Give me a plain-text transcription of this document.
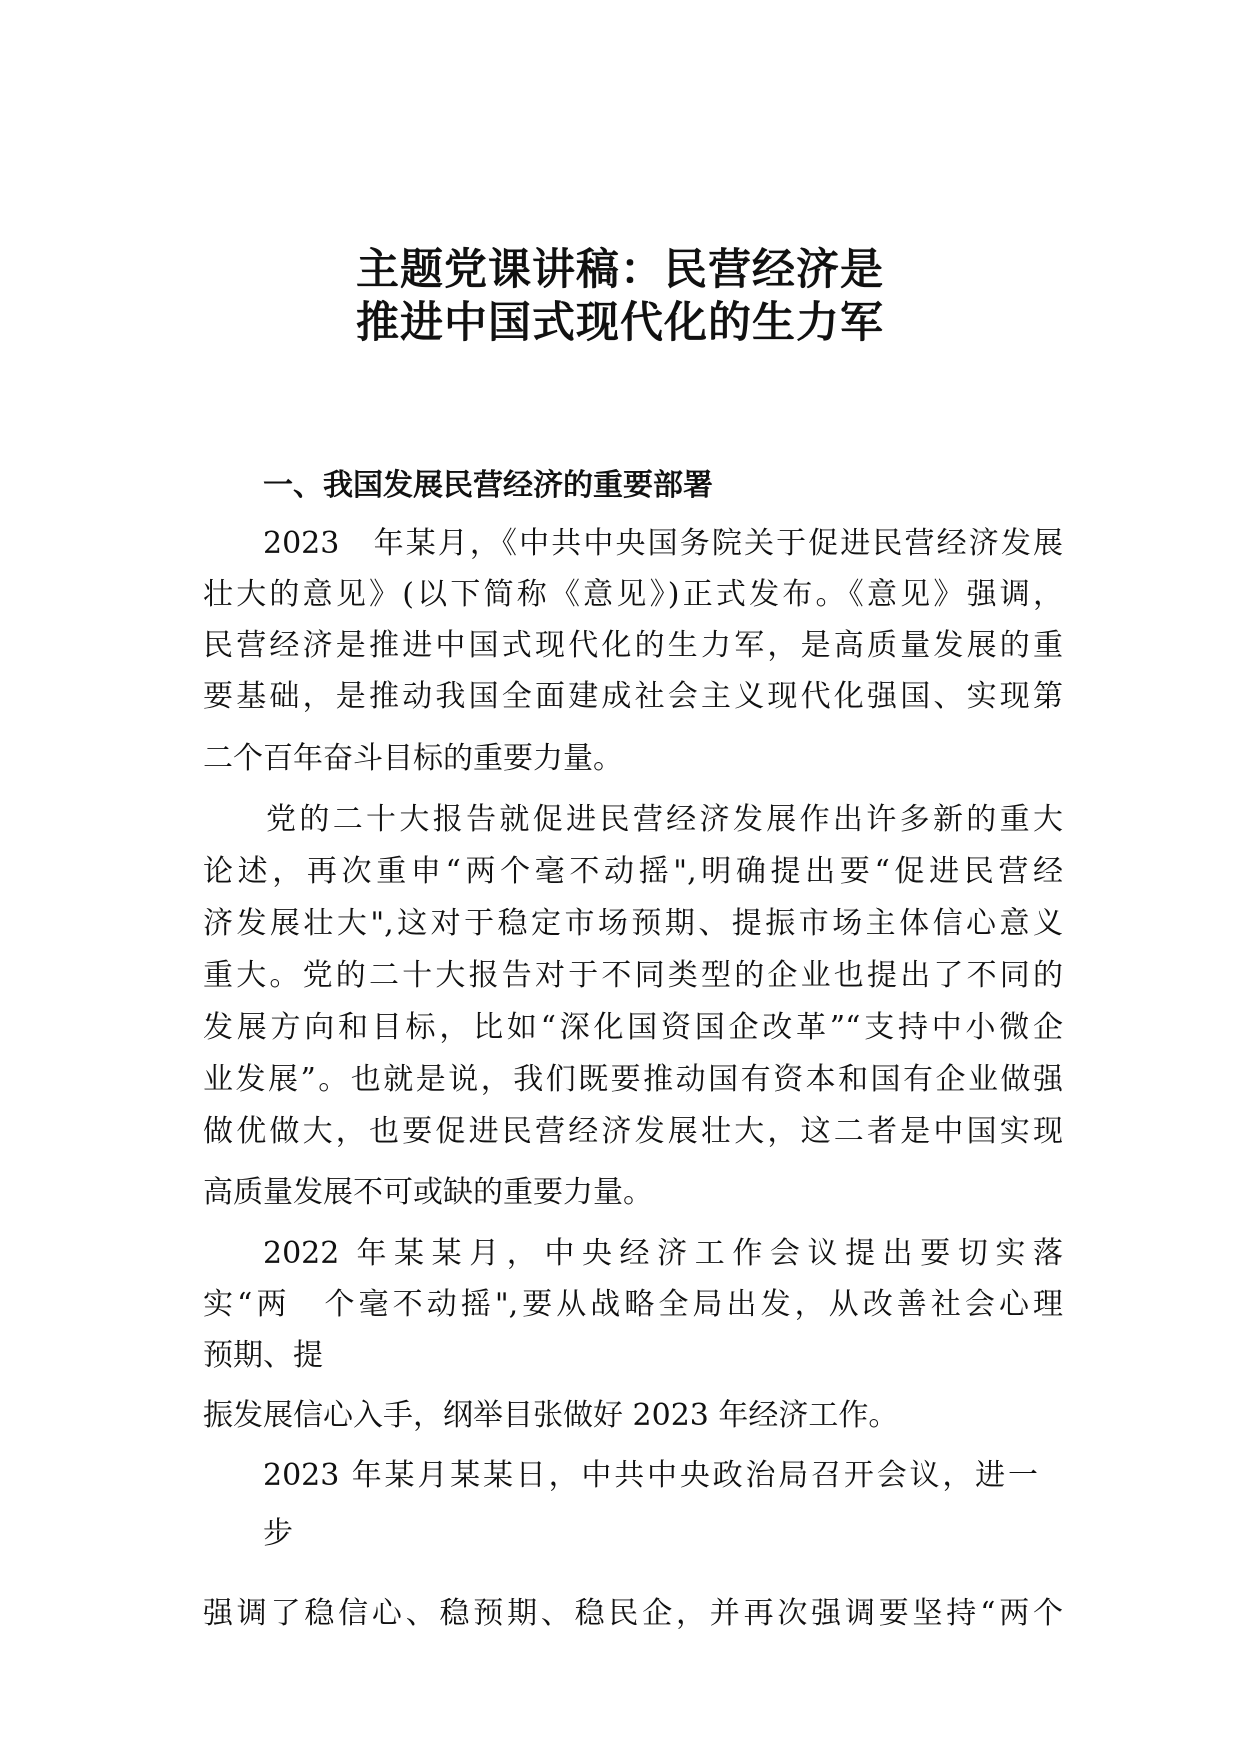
主题党课讲稿：民营经济是
推进中国式现代化的生力军
一、我国发展民营经济的重要部署
2023　年某月，《中共中央国务院关于促进民营经济发展
壮大的意见》(以下简称《意见》)正式发布。《意见》强调，
民营经济是推进中国式现代化的生力军，是高质量发展的重
要基础，是推动我国全面建成社会主义现代化强国、实现第
二个百年奋斗目标的重要力量。
党的二十大报告就促进民营经济发展作出许多新的重大
论述，再次重申“两个毫不动摇",明确提出要“促进民营经
济发展壮大",这对于稳定市场预期、提振市场主体信心意义
重大。党的二十大报告对于不同类型的企业也提出了不同的
发展方向和目标，比如“深化国资国企改革”“支持中小微企
业发展”。也就是说，我们既要推动国有资本和国有企业做强
做优做大，也要促进民营经济发展壮大，这二者是中国实现
高质量发展不可或缺的重要力量。
2022 年某某月，中央经济工作会议提出要切实落
实“两　个毫不动摇",要从战略全局出发，从改善社会心理
预期、提
振发展信心入手，纲举目张做好 2023 年经济工作。
2023 年某月某某日，中共中央政治局召开会议，进一
步
强调了稳信心、稳预期、稳民企，并再次强调要坚持“两个
